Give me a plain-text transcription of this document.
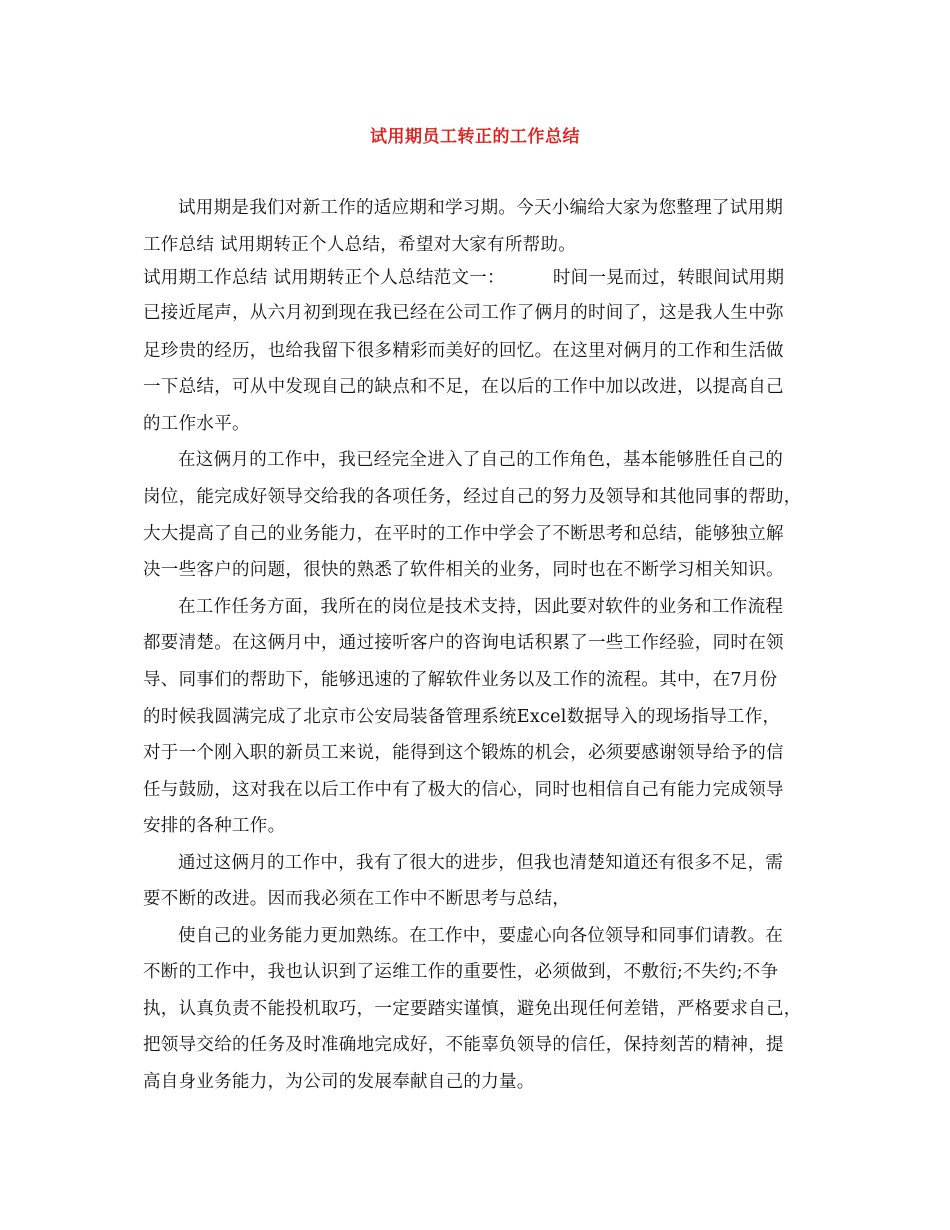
试用期员工转正的工作总结
试用期是我们对新工作的适应期和学习期。今天小编给大家为您整理了试用期
工作总结 试用期转正个人总结，希望对大家有所帮助。
试用期工作总结 试用期转正个人总结范文一：	时间一晃而过，转眼间试用期
已接近尾声，从六月初到现在我已经在公司工作了俩月的时间了，这是我人生中弥
足珍贵的经历，也给我留下很多精彩而美好的回忆。在这里对俩月的工作和生活做
一下总结，可从中发现自己的缺点和不足，在以后的工作中加以改进，以提高自己
的工作水平。
在这俩月的工作中，我已经完全进入了自己的工作角色，基本能够胜任自己的
岗位，能完成好领导交给我的各项任务，经过自己的努力及领导和其他同事的帮助，
大大提高了自己的业务能力，在平时的工作中学会了不断思考和总结，能够独立解
决一些客户的问题，很快的熟悉了软件相关的业务，同时也在不断学习相关知识。
在工作任务方面，我所在的岗位是技术支持，因此要对软件的业务和工作流程
都要清楚。在这俩月中，通过接听客户的咨询电话积累了一些工作经验，同时在领
导、同事们的帮助下，能够迅速的了解软件业务以及工作的流程。其中，在7月份
的时候我圆满完成了北京市公安局装备管理系统Excel数据导入的现场指导工作，
对于一个刚入职的新员工来说，能得到这个锻炼的机会，必须要感谢领导给予的信
任与鼓励，这对我在以后工作中有了极大的信心，同时也相信自己有能力完成领导
安排的各种工作。
通过这俩月的工作中，我有了很大的进步，但我也清楚知道还有很多不足，需
要不断的改进。因而我必须在工作中不断思考与总结，
使自己的业务能力更加熟练。在工作中，要虚心向各位领导和同事们请教。在
不断的工作中，我也认识到了运维工作的重要性，必须做到，不敷衍;不失约;不争
执，认真负责不能投机取巧，一定要踏实谨慎，避免出现任何差错，严格要求自己，
把领导交给的任务及时准确地完成好，不能辜负领导的信任，保持刻苦的精神，提
高自身业务能力，为公司的发展奉献自己的力量。
